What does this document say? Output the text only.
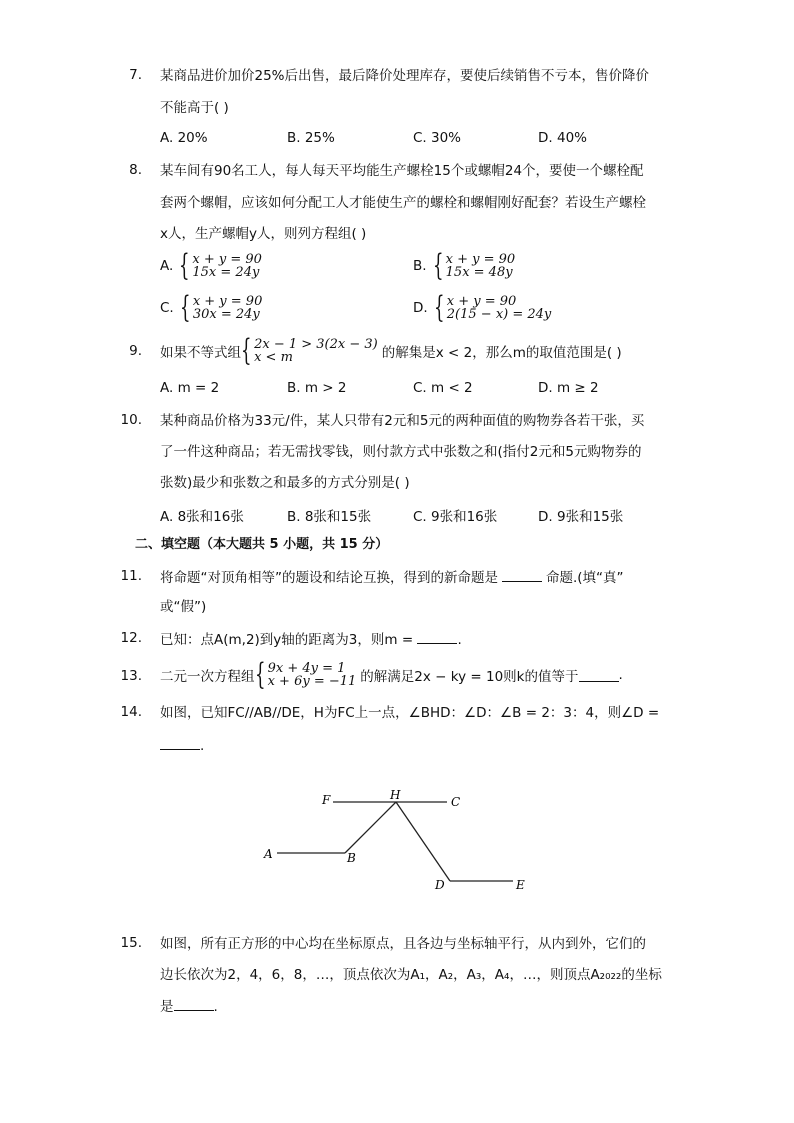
7. 某商品进价加价25%后出售，最后降价处理库存，要使后续销售不亏本，售价降价
不能高于( )
A. 20%	B. 25%	C. 30%	D. 40%
8. 某车间有90名工人，每人每天平均能生产螺栓15个或螺帽24个，要使一个螺栓配
套两个螺帽，应该如何分配工人才能使生产的螺栓和螺帽刚好配套？若设生产螺栓
x人，生产螺帽y人，则列方程组( )
A. { x + y = 90
15x = 24y	B. { x + y = 90
15x = 48y
C. { x + y = 90
30x = 24y	D. { x + y = 90
2(15 − x) = 24y
9. 如果不等式组 { 2x − 1 > 3(2x − 3)
x < m	的解集是x < 2，那么m的取值范围是( )
A. m = 2	B. m > 2	C. m < 2	D. m ≥ 2
10. 某种商品价格为33元/件，某人只带有2元和5元的两种面值的购物券各若干张，买
了一件这种商品；若无需找零钱，则付款方式中张数之和(指付2元和5元购物券的
张数)最少和张数之和最多的方式分别是( )
A. 8张和16张	B. 8张和15张	C. 9张和16张	D. 9张和15张
二、填空题（本大题共 5 小题，共 15 分）
11. 将命题“对顶角相等”的题设和结论互换，得到的新命题是	命题.(填“真”
或“假”)
12. 已知：点A(m,2)到y轴的距离为3，则m =	.
13. 二元一次方程组 { 9x + 4y = 1
x + 6y = −11 的解满足2x − ky = 10则k的值等于	.
14. 如图，已知FC//AB//DE，H为FC上一点，∠BHD：∠D：∠B = 2：3：4，则∠D =
.
F	H	C
A	B
D	E
15. 如图，所有正方形的中心均在坐标原点，且各边与坐标轴平行，从内到外，它们的
边长依次为2，4，6，8，…，顶点依次为A₁，A₂，A₃，A₄，…，则顶点A₂₀₂₂的坐标
是	.
